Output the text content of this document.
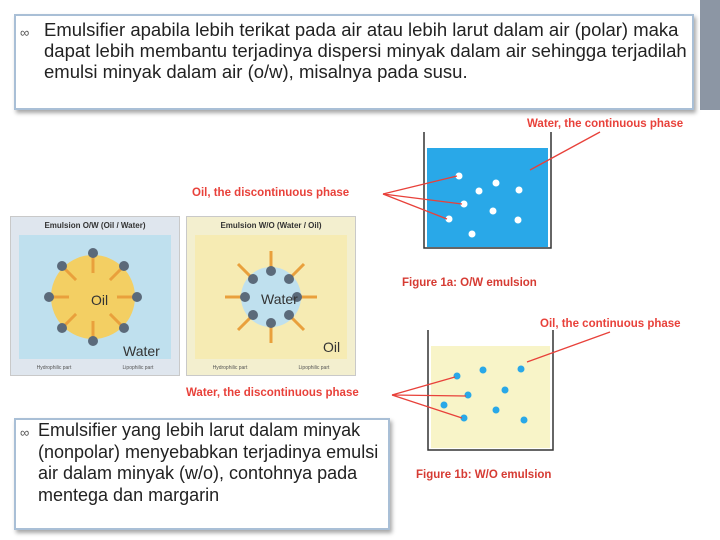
∞ Emulsifier apabila lebih terikat pada air atau lebih larut dalam air (polar) maka dapat lebih membantu terjadinya dispersi minyak dalam air sehingga terjadilah emulsi minyak dalam air (o/w), misalnya pada susu.
∞ Emulsifier yang lebih larut dalam minyak (nonpolar) menyebabkan terjadinya emulsi air dalam minyak (w/o), contohnya pada mentega dan margarin
Emulsion O/W (Oil / Water)
Oil
Water
Hydrophilic part	Lipophilic part
Emulsion W/O (Water / Oil)
Water
Oil
Hydrophilic part	Lipophilic part
Water, the continuous phase
Oil, the discontinuous phase
Figure 1a: O/W emulsion
Oil, the continuous phase
Water, the discontinuous phase
Figure 1b: W/O emulsion
